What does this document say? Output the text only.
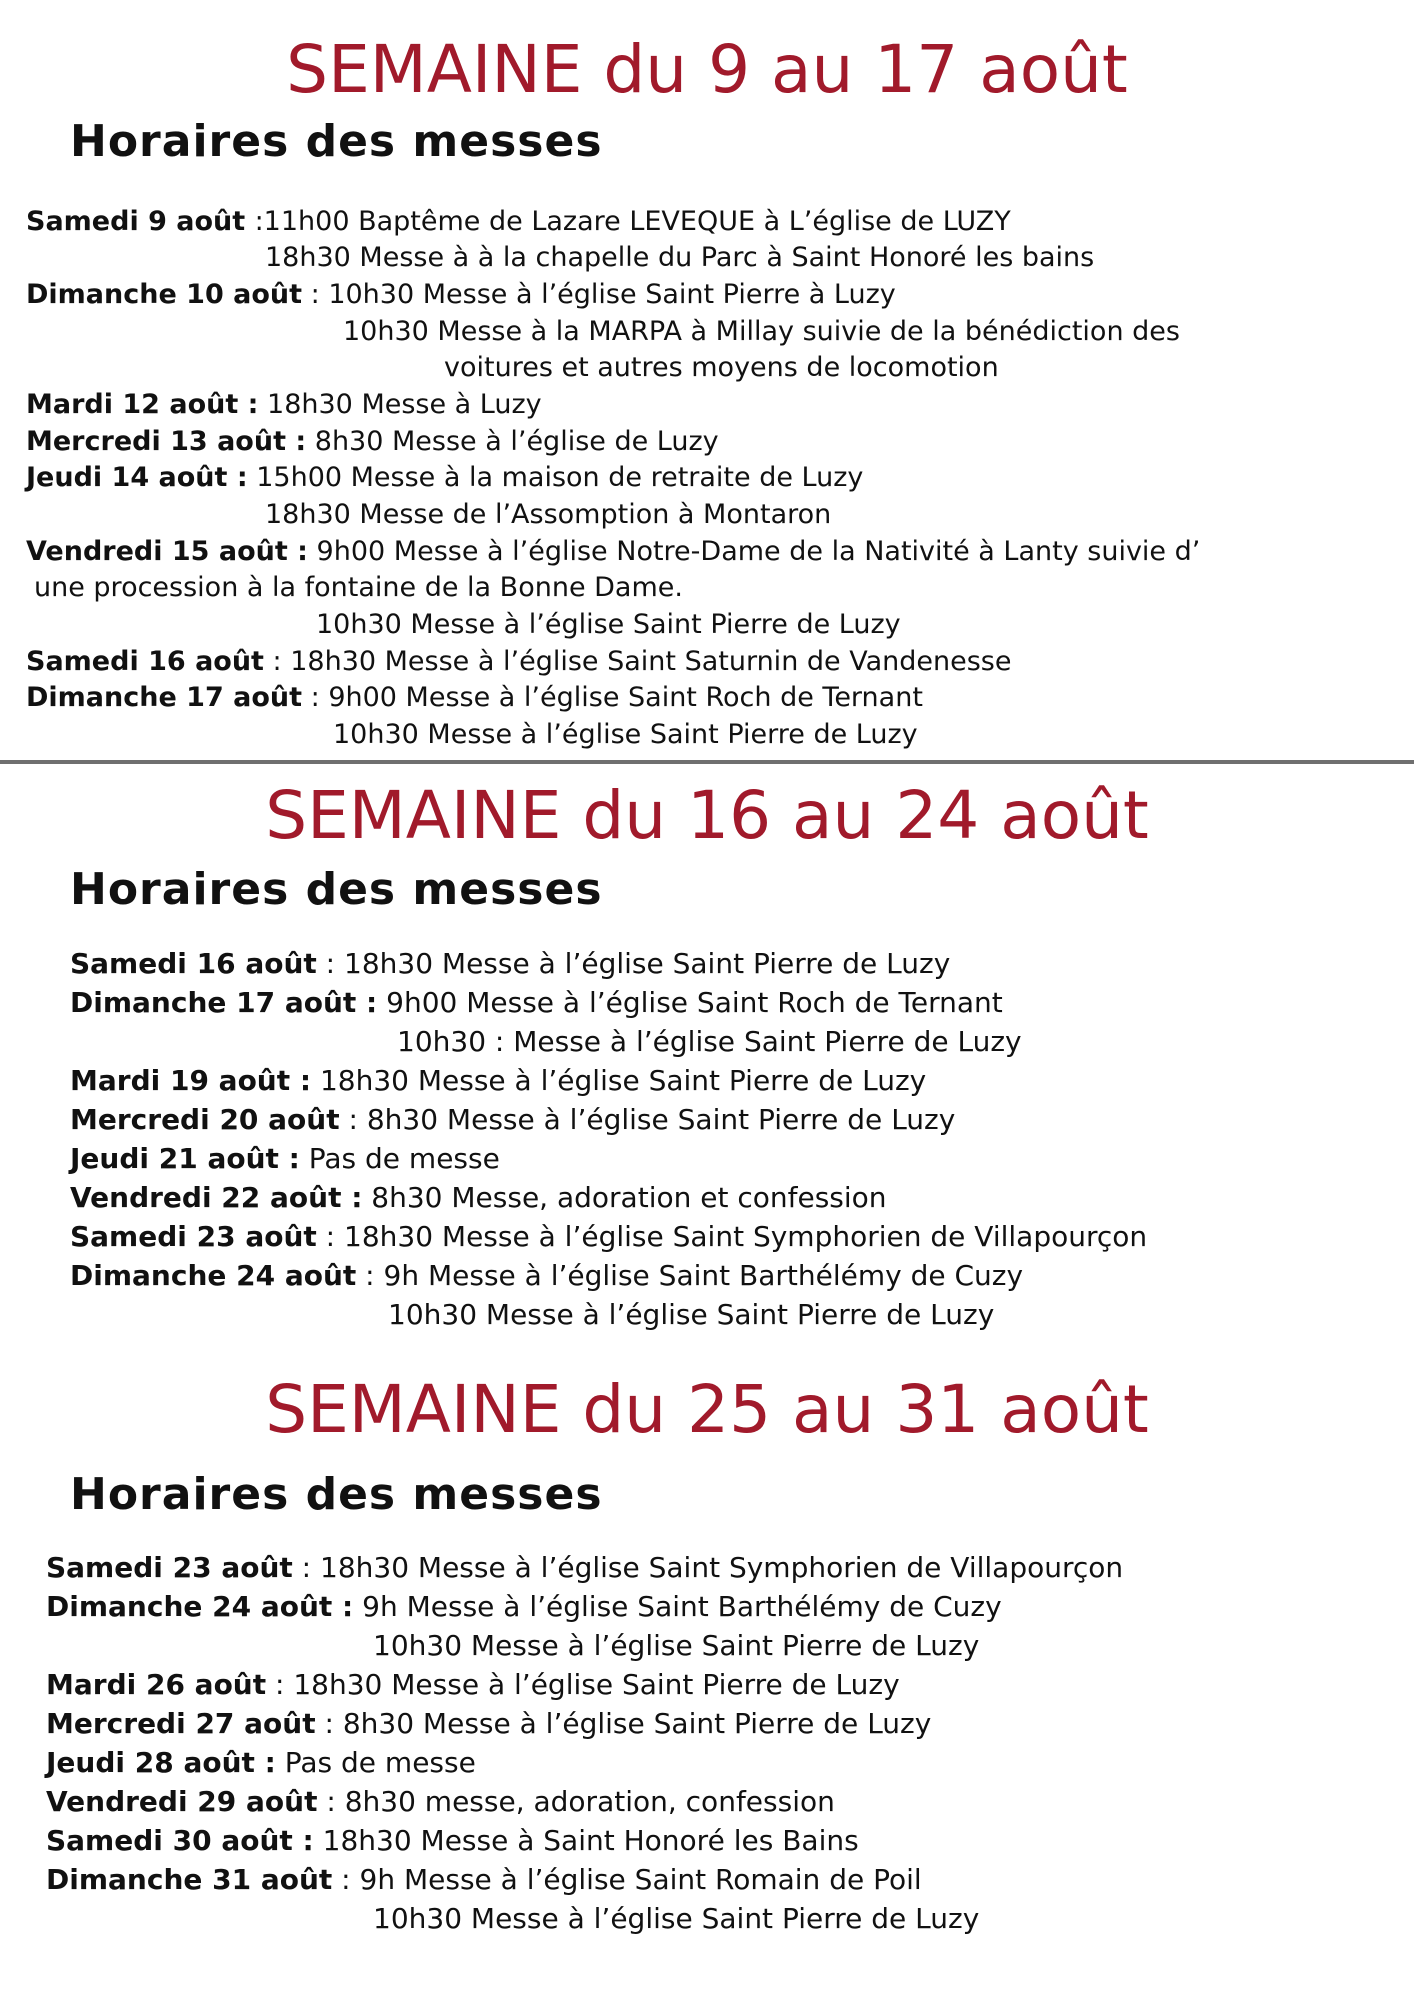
SEMAINE du 9 au 17 août
Horaires des messes

Samedi 9 août :11h00 Baptême de Lazare LEVEQUE à L’église de LUZY

18h30 Messe à à la chapelle du Parc à Saint Honoré les bains

Dimanche 10 août : 10h30 Messe à l’église Saint Pierre à Luzy

10h30 Messe à la MARPA à Millay suivie de la bénédiction des

voitures et autres moyens de locomotion

Mardi 12 août : 18h30 Messe à Luzy

Mercredi 13 août : 8h30 Messe à l’église de Luzy

Jeudi 14 août : 15h00 Messe à la maison de retraite de Luzy

18h30 Messe de l’Assomption à Montaron

Vendredi 15 août : 9h00 Messe à l’église Notre-Dame de la Nativité à Lanty suivie d’

une procession à la fontaine de la Bonne Dame.

10h30 Messe à l’église Saint Pierre de Luzy

Samedi 16 août : 18h30 Messe à l’église Saint Saturnin de Vandenesse

Dimanche 17 août : 9h00 Messe à l’église Saint Roch de Ternant

10h30 Messe à l’église Saint Pierre de Luzy

SEMAINE du 16 au 24 août
Horaires des messes

Samedi 16 août : 18h30 Messe à l’église Saint Pierre de Luzy

Dimanche 17 août : 9h00 Messe à l’église Saint Roch de Ternant

10h30 : Messe à l’église Saint Pierre de Luzy

Mardi 19 août : 18h30 Messe à l’église Saint Pierre de Luzy

Mercredi 20 août : 8h30 Messe à l’église Saint Pierre de Luzy

Jeudi 21 août : Pas de messe

Vendredi 22 août : 8h30 Messe, adoration et confession

Samedi 23 août : 18h30 Messe à l’église Saint Symphorien de Villapourçon

Dimanche 24 août : 9h Messe à l’église Saint Barthélémy de Cuzy

10h30 Messe à l’église Saint Pierre de Luzy

SEMAINE du 25 au 31 août
Horaires des messes

Samedi 23 août : 18h30 Messe à l’église Saint Symphorien de Villapourçon

Dimanche 24 août : 9h Messe à l’église Saint Barthélémy de Cuzy

10h30 Messe à l’église Saint Pierre de Luzy

Mardi 26 août : 18h30 Messe à l’église Saint Pierre de Luzy

Mercredi 27 août : 8h30 Messe à l’église Saint Pierre de Luzy

Jeudi 28 août : Pas de messe

Vendredi 29 août : 8h30 messe, adoration, confession

Samedi 30 août : 18h30 Messe à Saint Honoré les Bains

Dimanche 31 août : 9h Messe à l’église Saint Romain de Poil

10h30 Messe à l’église Saint Pierre de Luzy
